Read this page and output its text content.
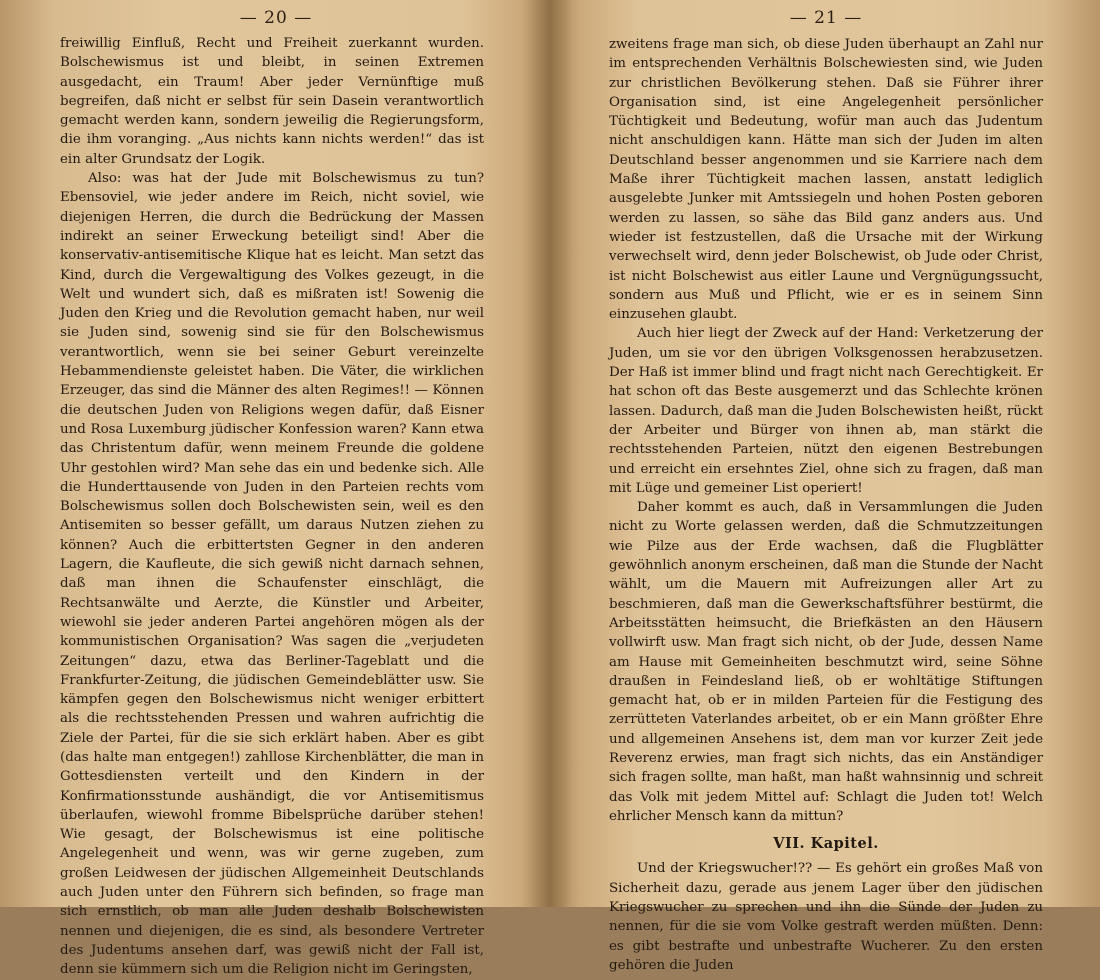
— 20 —

freiwillig Einfluß, Recht und Freiheit zuerkannt wurden. Bolschewismus ist und bleibt, in seinen Extremen ausgedacht, ein Traum! Aber jeder Vernünftige muß begreifen, daß nicht er selbst für sein Dasein verantwortlich gemacht werden kann, sondern jeweilig die Regierungsform, die ihm voranging. „Aus nichts kann nichts werden!“ das ist ein alter Grundsatz der Logik.

Also: was hat der Jude mit Bolschewismus zu tun? Ebensoviel, wie jeder andere im Reich, nicht soviel, wie diejenigen Herren, die durch die Bedrückung der Massen indirekt an seiner Erweckung beteiligt sind! Aber die konservativ-antisemitische Klique hat es leicht. Man setzt das Kind, durch die Vergewaltigung des Volkes gezeugt, in die Welt und wundert sich, daß es mißraten ist! Sowenig die Juden den Krieg und die Revolution gemacht haben, nur weil sie Juden sind, sowenig sind sie für den Bolschewismus verantwortlich, wenn sie bei seiner Geburt vereinzelte Hebammendienste geleistet haben. Die Väter, die wirklichen Erzeuger, das sind die Männer des alten Regimes!! — Können die deutschen Juden von Religions wegen dafür, daß Eisner und Rosa Luxemburg jüdischer Konfession waren? Kann etwa das Christentum dafür, wenn meinem Freunde die goldene Uhr gestohlen wird? Man sehe das ein und bedenke sich. Alle die Hunderttausende von Juden in den Parteien rechts vom Bolschewismus sollen doch Bolschewisten sein, weil es den Antisemiten so besser gefällt, um daraus Nutzen ziehen zu können? Auch die erbittertsten Gegner in den anderen Lagern, die Kaufleute, die sich gewiß nicht darnach sehnen, daß man ihnen die Schaufenster einschlägt, die Rechtsanwälte und Aerzte, die Künstler und Arbeiter, wiewohl sie jeder anderen Partei angehören mögen als der kommunistischen Organisation? Was sagen die „verjudeten Zeitungen“ dazu, etwa das Berliner-Tageblatt und die Frankfurter-Zeitung, die jüdischen Gemeindeblätter usw. Sie kämpfen gegen den Bolschewismus nicht weniger erbittert als die rechtsstehenden Pressen und wahren aufrichtig die Ziele der Partei, für die sie sich erklärt haben. Aber es gibt (das halte man entgegen!) zahllose Kirchenblätter, die man in Gottesdiensten verteilt und den Kindern in der Konfirmationsstunde aushändigt, die vor Antisemitismus überlaufen, wiewohl fromme Bibelsprüche darüber stehen! Wie gesagt, der Bolschewismus ist eine politische Angelegenheit und wenn, was wir gerne zugeben, zum großen Leidwesen der jüdischen Allgemeinheit Deutschlands auch Juden unter den Führern sich befinden, so frage man sich ernstlich, ob man alle Juden deshalb Bolschewisten nennen und diejenigen, die es sind, als besondere Vertreter des Judentums ansehen darf, was gewiß nicht der Fall ist, denn sie kümmern sich um die Religion nicht im Geringsten,

— 21 —

zweitens frage man sich, ob diese Juden überhaupt an Zahl nur im entsprechenden Verhältnis Bolschewiesten sind, wie Juden zur christlichen Bevölkerung stehen. Daß sie Führer ihrer Organisation sind, ist eine Angelegenheit persönlicher Tüchtigkeit und Bedeutung, wofür man auch das Judentum nicht anschuldigen kann. Hätte man sich der Juden im alten Deutschland besser angenommen und sie Karriere nach dem Maße ihrer Tüchtigkeit machen lassen, anstatt lediglich ausgelebte Junker mit Amtssiegeln und hohen Posten geboren werden zu lassen, so sähe das Bild ganz anders aus. Und wieder ist festzustellen, daß die Ursache mit der Wirkung verwechselt wird, denn jeder Bolschewist, ob Jude oder Christ, ist nicht Bolschewist aus eitler Laune und Vergnügungssucht, sondern aus Muß und Pflicht, wie er es in seinem Sinn einzusehen glaubt.

Auch hier liegt der Zweck auf der Hand: Verketzerung der Juden, um sie vor den übrigen Volksgenossen herabzusetzen. Der Haß ist immer blind und fragt nicht nach Gerechtigkeit. Er hat schon oft das Beste ausgemerzt und das Schlechte krönen lassen. Dadurch, daß man die Juden Bolschewisten heißt, rückt der Arbeiter und Bürger von ihnen ab, man stärkt die rechtsstehenden Parteien, nützt den eigenen Bestrebungen und erreicht ein ersehntes Ziel, ohne sich zu fragen, daß man mit Lüge und gemeiner List operiert!

Daher kommt es auch, daß in Versammlungen die Juden nicht zu Worte gelassen werden, daß die Schmutzzeitungen wie Pilze aus der Erde wachsen, daß die Flugblätter gewöhnlich anonym erscheinen, daß man die Stunde der Nacht wählt, um die Mauern mit Aufreizungen aller Art zu beschmieren, daß man die Gewerkschaftsführer bestürmt, die Arbeitsstätten heimsucht, die Briefkästen an den Häusern vollwirft usw. Man fragt sich nicht, ob der Jude, dessen Name am Hause mit Gemeinheiten beschmutzt wird, seine Söhne draußen in Feindesland ließ, ob er wohltätige Stiftungen gemacht hat, ob er in milden Parteien für die Festigung des zerrütteten Vaterlandes arbeitet, ob er ein Mann größter Ehre und allgemeinen Ansehens ist, dem man vor kurzer Zeit jede Reverenz erwies, man fragt sich nichts, das ein Anständiger sich fragen sollte, man haßt, man haßt wahnsinnig und schreit das Volk mit jedem Mittel auf: Schlagt die Juden tot! Welch ehrlicher Mensch kann da mittun?

VII. Kapitel.

Und der Kriegswucher!?? — Es gehört ein großes Maß von Sicherheit dazu, gerade aus jenem Lager über den jüdischen Kriegswucher zu sprechen und ihn die Sünde der Juden zu nennen, für die sie vom Volke gestraft werden müßten. Denn: es gibt bestrafte und unbestrafte Wucherer. Zu den ersten gehören die Juden
